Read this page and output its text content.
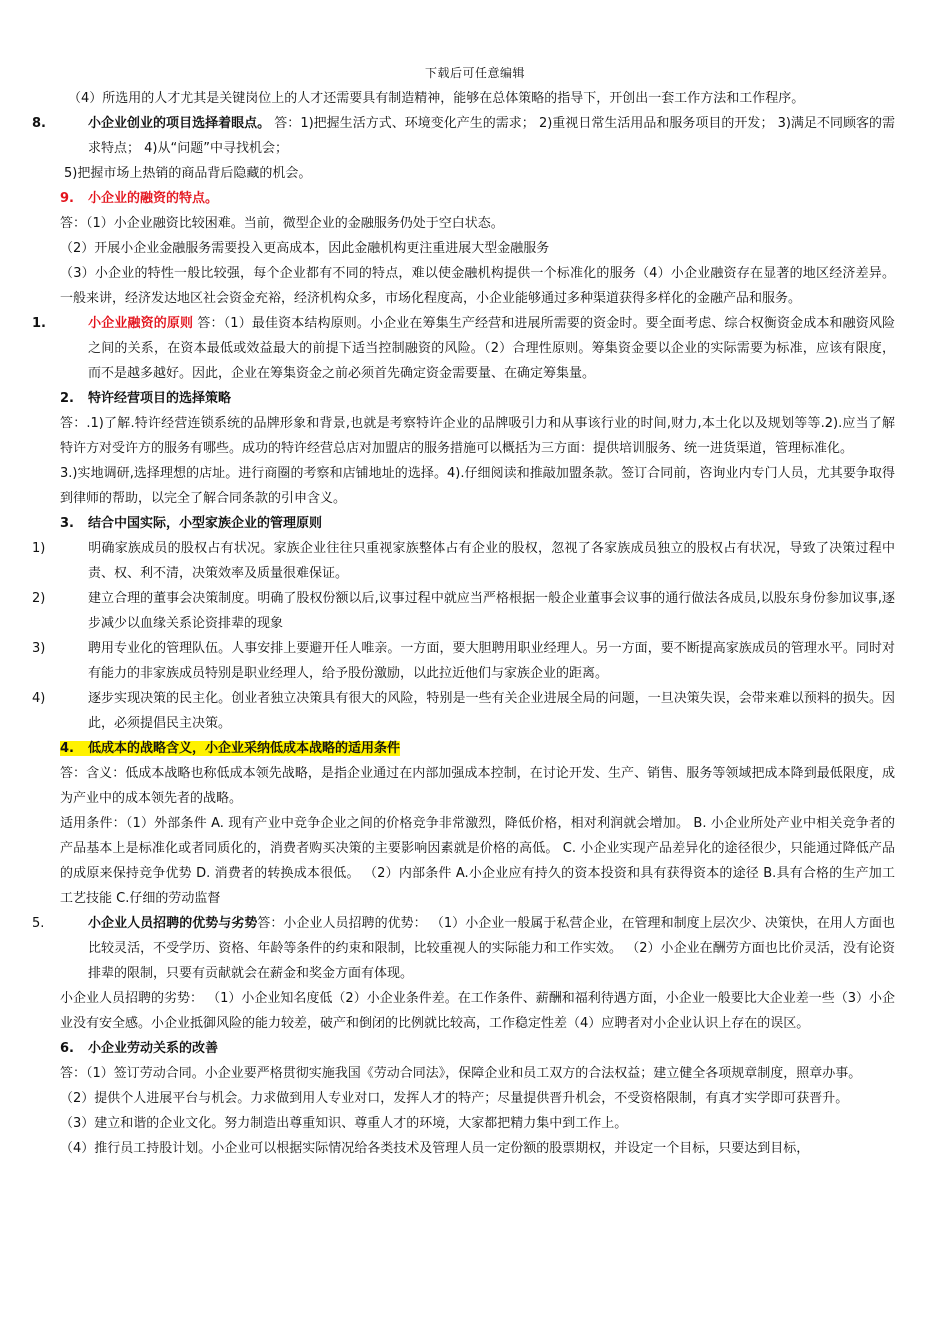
下载后可任意编辑

（4）所选用的人才尤其是关键岗位上的人才还需要具有制造精神，能够在总体策略的指导下，开创出一套工作方法和工作程序。

8.	小企业创业的项目选择着眼点。 答：1)把握生活方式、环境变化产生的需求； 2)重视日常生活用品和服务项目的开发； 3)满足不同顾客的需求特点； 4)从“问题”中寻找机会；

5)把握市场上热销的商品背后隐藏的机会。

9. 小企业的融资的特点。

答：（1）小企业融资比较困难。当前，微型企业的金融服务仍处于空白状态。

（2）开展小企业金融服务需要投入更高成本，因此金融机构更注重进展大型金融服务

（3）小企业的特性一般比较强，每个企业都有不同的特点，难以使金融机构提供一个标准化的服务（4）小企业融资存在显著的地区经济差异。一般来讲，经济发达地区社会资金充裕，经济机构众多，市场化程度高，小企业能够通过多种渠道获得多样化的金融产品和服务。

1.	小企业融资的原则 答：（1）最佳资本结构原则。小企业在筹集生产经营和进展所需要的资金时。要全面考虑、综合权衡资金成本和融资风险之间的关系，在资本最低或效益最大的前提下适当控制融资的风险。（2）合理性原则。筹集资金要以企业的实际需要为标准，应该有限度，而不是越多越好。因此，企业在筹集资金之前必须首先确定资金需要量、在确定筹集量。

2. 特许经营项目的选择策略

答：.1)了解.特许经营连锁系统的品牌形象和背景,也就是考察特许企业的品牌吸引力和从事该行业的时间,财力,本土化以及规划等等.2).应当了解特许方对受许方的服务有哪些。成功的特许经营总店对加盟店的服务措施可以概括为三方面：提供培训服务、统一进货渠道，管理标准化。

3.)实地调研,选择理想的店址。进行商圈的考察和店铺地址的选择。4).仔细阅读和推敲加盟条款。签订合同前，咨询业内专门人员，尤其要争取得到律师的帮助，以完全了解合同条款的引申含义。

3. 结合中国实际，小型家族企业的管理原则

1)	明确家族成员的股权占有状况。家族企业往往只重视家族整体占有企业的股权，忽视了各家族成员独立的股权占有状况，导致了决策过程中责、权、利不清，决策效率及质量很难保证。

2)	建立合理的董事会决策制度。明确了股权份额以后,议事过程中就应当严格根据一般企业董事会议事的通行做法各成员,以股东身份参加议事,逐步减少以血缘关系论资排辈的现象

3)	聘用专业化的管理队伍。人事安排上要避开任人唯亲。一方面，要大胆聘用职业经理人。另一方面，要不断提高家族成员的管理水平。同时对有能力的非家族成员特别是职业经理人，给予股份激励，以此拉近他们与家族企业的距离。

4)	逐步实现决策的民主化。创业者独立决策具有很大的风险，特别是一些有关企业进展全局的问题，一旦决策失误，会带来难以预料的损失。因此，必须提倡民主决策。

4. 低成本的战略含义，小企业采纳低成本战略的适用条件

答：含义：低成本战略也称低成本领先战略，是指企业通过在内部加强成本控制，在讨论开发、生产、销售、服务等领域把成本降到最低限度，成为产业中的成本领先者的战略。

适用条件：（1）外部条件 A. 现有产业中竞争企业之间的价格竞争非常激烈，降低价格，相对利润就会增加。 B. 小企业所处产业中相关竞争者的产品基本上是标准化或者同质化的，消费者购买决策的主要影响因素就是价格的高低。 C. 小企业实现产品差异化的途径很少，只能通过降低产品的成原来保持竞争优势 D. 消费者的转换成本很低。 （2）内部条件 A.小企业应有持久的资本投资和具有获得资本的途径 B.具有合格的生产加工工艺技能 C.仔细的劳动监督

5.	小企业人员招聘的优势与劣势答：小企业人员招聘的优势： （1）小企业一般属于私营企业，在管理和制度上层次少、决策快，在用人方面也比较灵活，不受学历、资格、年龄等条件的约束和限制，比较重视人的实际能力和工作实效。 （2）小企业在酬劳方面也比价灵活，没有论资排辈的限制，只要有贡献就会在薪金和奖金方面有体现。

小企业人员招聘的劣势： （1）小企业知名度低（2）小企业条件差。在工作条件、薪酬和福利待遇方面，小企业一般要比大企业差一些（3）小企业没有安全感。小企业抵御风险的能力较差，破产和倒闭的比例就比较高，工作稳定性差（4）应聘者对小企业认识上存在的误区。

6. 小企业劳动关系的改善

答：（1）签订劳动合同。小企业要严格贯彻实施我国《劳动合同法》，保障企业和员工双方的合法权益；建立健全各项规章制度，照章办事。

（2）提供个人进展平台与机会。力求做到用人专业对口，发挥人才的特产；尽量提供晋升机会，不受资格限制，有真才实学即可获晋升。

（3）建立和谐的企业文化。努力制造出尊重知识、尊重人才的环境，大家都把精力集中到工作上。

（4）推行员工持股计划。小企业可以根据实际情况给各类技术及管理人员一定份额的股票期权，并设定一个目标，只要达到目标，
